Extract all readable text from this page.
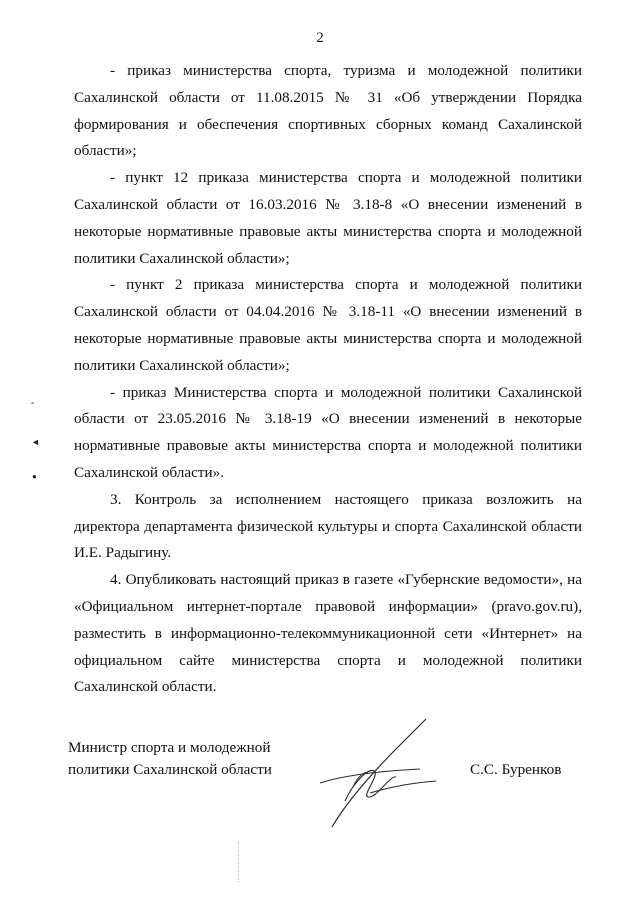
2

- приказ министерства спорта, туризма и молодежной политики Сахалинской области от 11.08.2015 № 31 «Об утверждении Порядка формирования и обеспечения спортивных сборных команд Сахалинской области»;

- пункт 12 приказа министерства спорта и молодежной политики Сахалинской области от 16.03.2016 № 3.18-8 «О внесении изменений в некоторые нормативные правовые акты министерства спорта и молодежной политики Сахалинской области»;

- пункт 2 приказа министерства спорта и молодежной политики Сахалинской области от 04.04.2016 № 3.18-11 «О внесении изменений в некоторые нормативные правовые акты министерства спорта и молодежной политики Сахалинской области»;

- приказ Министерства спорта и молодежной политики Сахалинской области от 23.05.2016 № 3.18-19 «О внесении изменений в некоторые нормативные правовые акты министерства спорта и молодежной политики Сахалинской области».

3. Контроль за исполнением настоящего приказа возложить на директора департамента физической культуры и спорта Сахалинской области И.Е. Радыгину.

4. Опубликовать настоящий приказ в газете «Губернские ведомости», на «Официальном интернет-портале правовой информации» (pravo.gov.ru), разместить в информационно-телекоммуникационной сети «Интернет» на официальном сайте министерства спорта и молодежной политики Сахалинской области.

Министр спорта и молодежной
политики Сахалинской области	С.С. Буренков
ˆ
◄
●
